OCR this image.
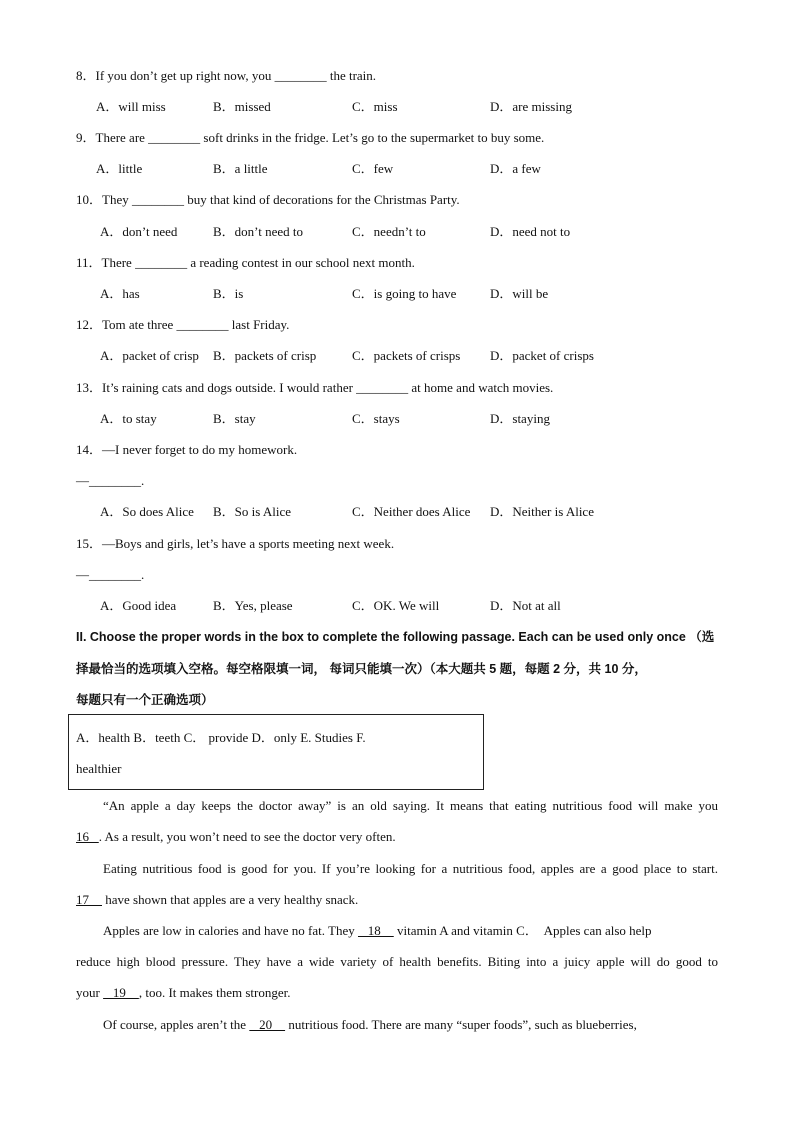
8．If you don’t get up right now, you ________ the train.
A．will miss	B．missed	C．miss	D．are missing
9．There are ________ soft drinks in the fridge. Let’s go to the supermarket to buy some.
A．little	B．a little	C．few	D．a few
10．They ________ buy that kind of decorations for the Christmas Party.
A．don’t need	B．don’t need to	C．needn’t to	D．need not to
11．There ________ a reading contest in our school next month.
A．has	B．is	C．is going to have	D．will be
12．Tom ate three ________ last Friday.
A．packet of crisp B．packets of crisp	C．packets of crisps D．packet of crisps
13．It’s raining cats and dogs outside. I would rather ________ at home and watch movies.
A．to stay	B．stay	C．stays	D．staying
14．—I never forget to do my homework.
—________.
A．So does Alice B．So is Alice	C．Neither does Alice D．Neither is Alice
15．—Boys and girls, let’s have a sports meeting next week.
—________.
A．Good idea	B．Yes, please	C．OK. We will	D．Not at all
II. Choose the proper words in the box to complete the following passage. Each can be used only once （选
择最恰当的选项填入空格。每空格限填一词， 每词只能填一次）（本大题共 5 题，每题 2 分，共 10 分，
每题只有一个正确选项）
A．health B．teeth C． provide D．only E. Studies F.
healthier
“An apple a day keeps the doctor away” is an old saying. It means that eating nutritious food will make you
16   . As a result, you won’t need to see the doctor very often.
Eating nutritious food is good for you. If you’re looking for a nutritious food, apples are a good place to start.
17     have shown that apples are a very healthy snack.
Apples are low in calories and have no fat. They    18     vitamin A and vitamin C．  Apples can also help
reduce high blood pressure. They have a wide variety of health benefits. Biting into a juicy apple will do good to
your    19    , too. It makes them stronger.
Of course, apples aren’t the    20     nutritious food. There are many “super foods”, such as blueberries,
